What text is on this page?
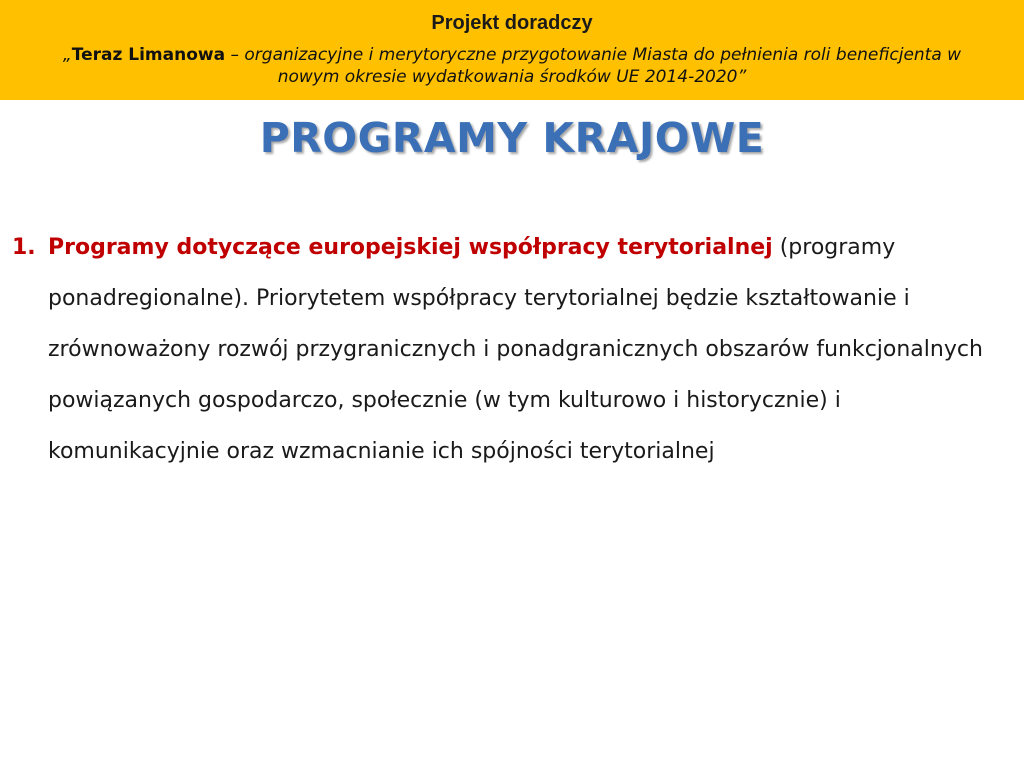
Projekt doradczy
„Teraz Limanowa – organizacyjne i merytoryczne przygotowanie Miasta do pełnienia roli beneficjenta w nowym okresie wydatkowania środków UE 2014-2020”
PROGRAMY KRAJOWE
1. Programy dotyczące europejskiej współpracy terytorialnej (programy ponadregionalne). Priorytetem współpracy terytorialnej będzie kształtowanie i zrównoważony rozwój przygranicznych i ponadgranicznych obszarów funkcjonalnych powiązanych gospodarczo, społecznie (w tym kulturowo i historycznie) i komunikacyjnie oraz wzmacnianie ich spójności terytorialnej
